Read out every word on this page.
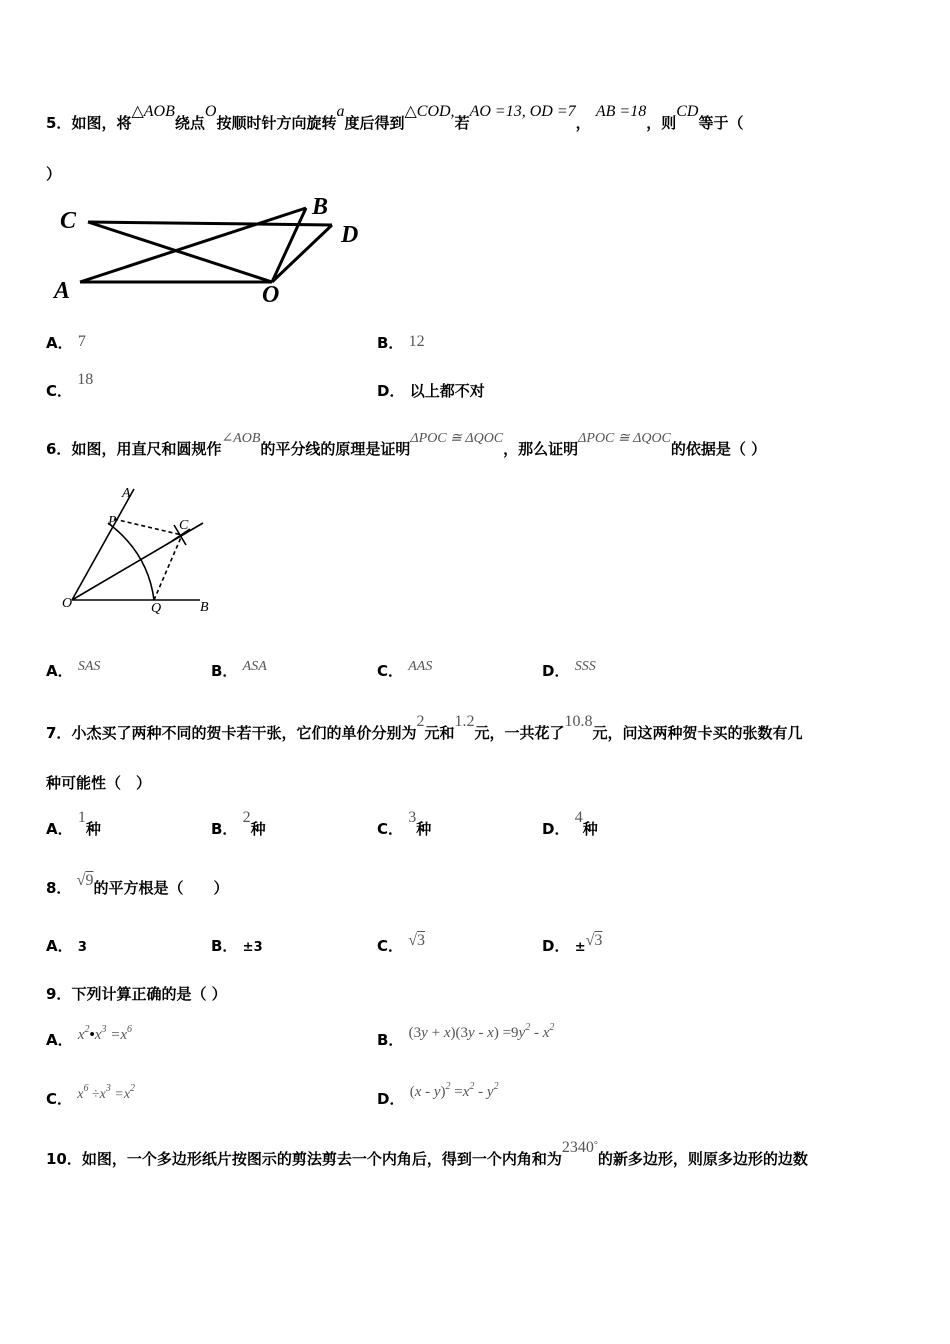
5．如图，将△AOB绕点O按顺时针方向旋转a度后得到△COD,若AO =13, OD =7， AB =18，则CD等于（
）
C
B
D
A	O
A． 7	B． 12
C． 18
D． 以上都不对
6．如图，用直尺和圆规作∠AOB的平分线的原理是证明ΔPOC ≅ ΔQOC，那么证明ΔPOC ≅ ΔQOC的依据是（ ）
A
P	C
O	Q	B
A． SAS	B． ASA	C． AAS	D． SSS
7．小杰买了两种不同的贺卡若干张，它们的单价分别为2元和1.2元，一共花了10.8元，问这两种贺卡买的张数有几
种可能性（　）
A． 1种	B． 2种	C． 3种	D． 4种
8． √9的平方根是（　　）
A． 3	B． ±3	C． √3	D． ±√3
9．下列计算正确的是（ ）
A． $x^2•x^3 =x^6$
B． $(3y + x)(3y - x) =9y^2 - x^2$
C． $x^6 \div x^3 =x^2$
D． $(x - y)^2 =x^2 - y^2$
10．如图，一个多边形纸片按图示的剪法剪去一个内角后，得到一个内角和为2340°的新多边形，则原多边形的边数
